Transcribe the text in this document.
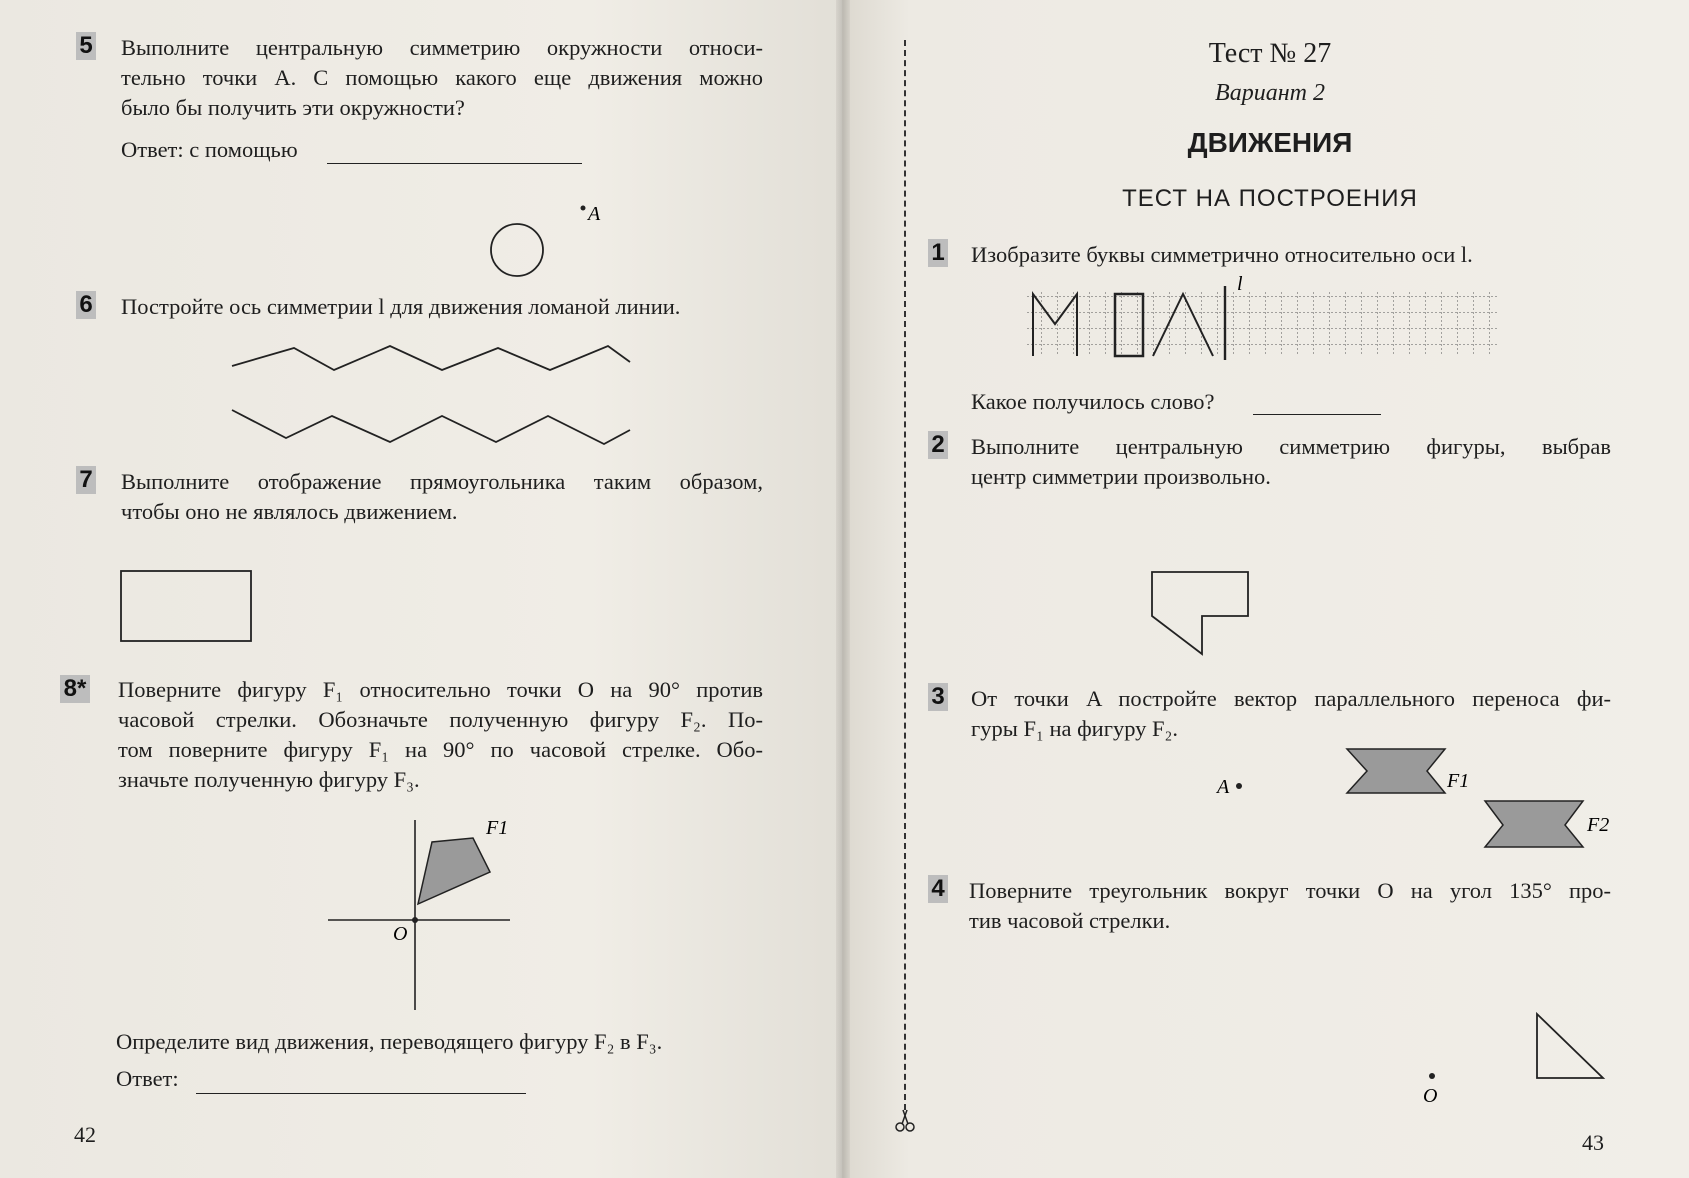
5 Выполните центральную симметрию окружности относи-
тельно точки A. С помощью какого еще движения можно
было бы получить эти окружности?
Ответ: с помощью
A
6 Постройте ось симметрии l для движения ломаной линии.
7 Выполните отображение прямоугольника таким образом,
чтобы оно не являлось движением.
8* Поверните фигуру F₁ относительно точки O на 90° против
часовой стрелки. Обозначьте полученную фигуру F₂. По-
том поверните фигуру F₁ на 90° по часовой стрелке. Обо-
значьте полученную фигуру F₃.
F1
O
Определите вид движения, переводящего фигуру F₂ в F₃.
Ответ:
42
Тест № 27
Вариант 2
ДВИЖЕНИЯ
ТЕСТ НА ПОСТРОЕНИЯ
1 Изобразите буквы симметрично относительно оси l.
l
Какое получилось слово?
2 Выполните центральную симметрию фигуры, выбрав
центр симметрии произвольно.
3 От точки A постройте вектор параллельного переноса фи-
гуры F₁ на фигуру F₂.
A	F1
F2
4 Поверните треугольник вокруг точки O на угол 135° про-
тив часовой стрелки.
O
43
